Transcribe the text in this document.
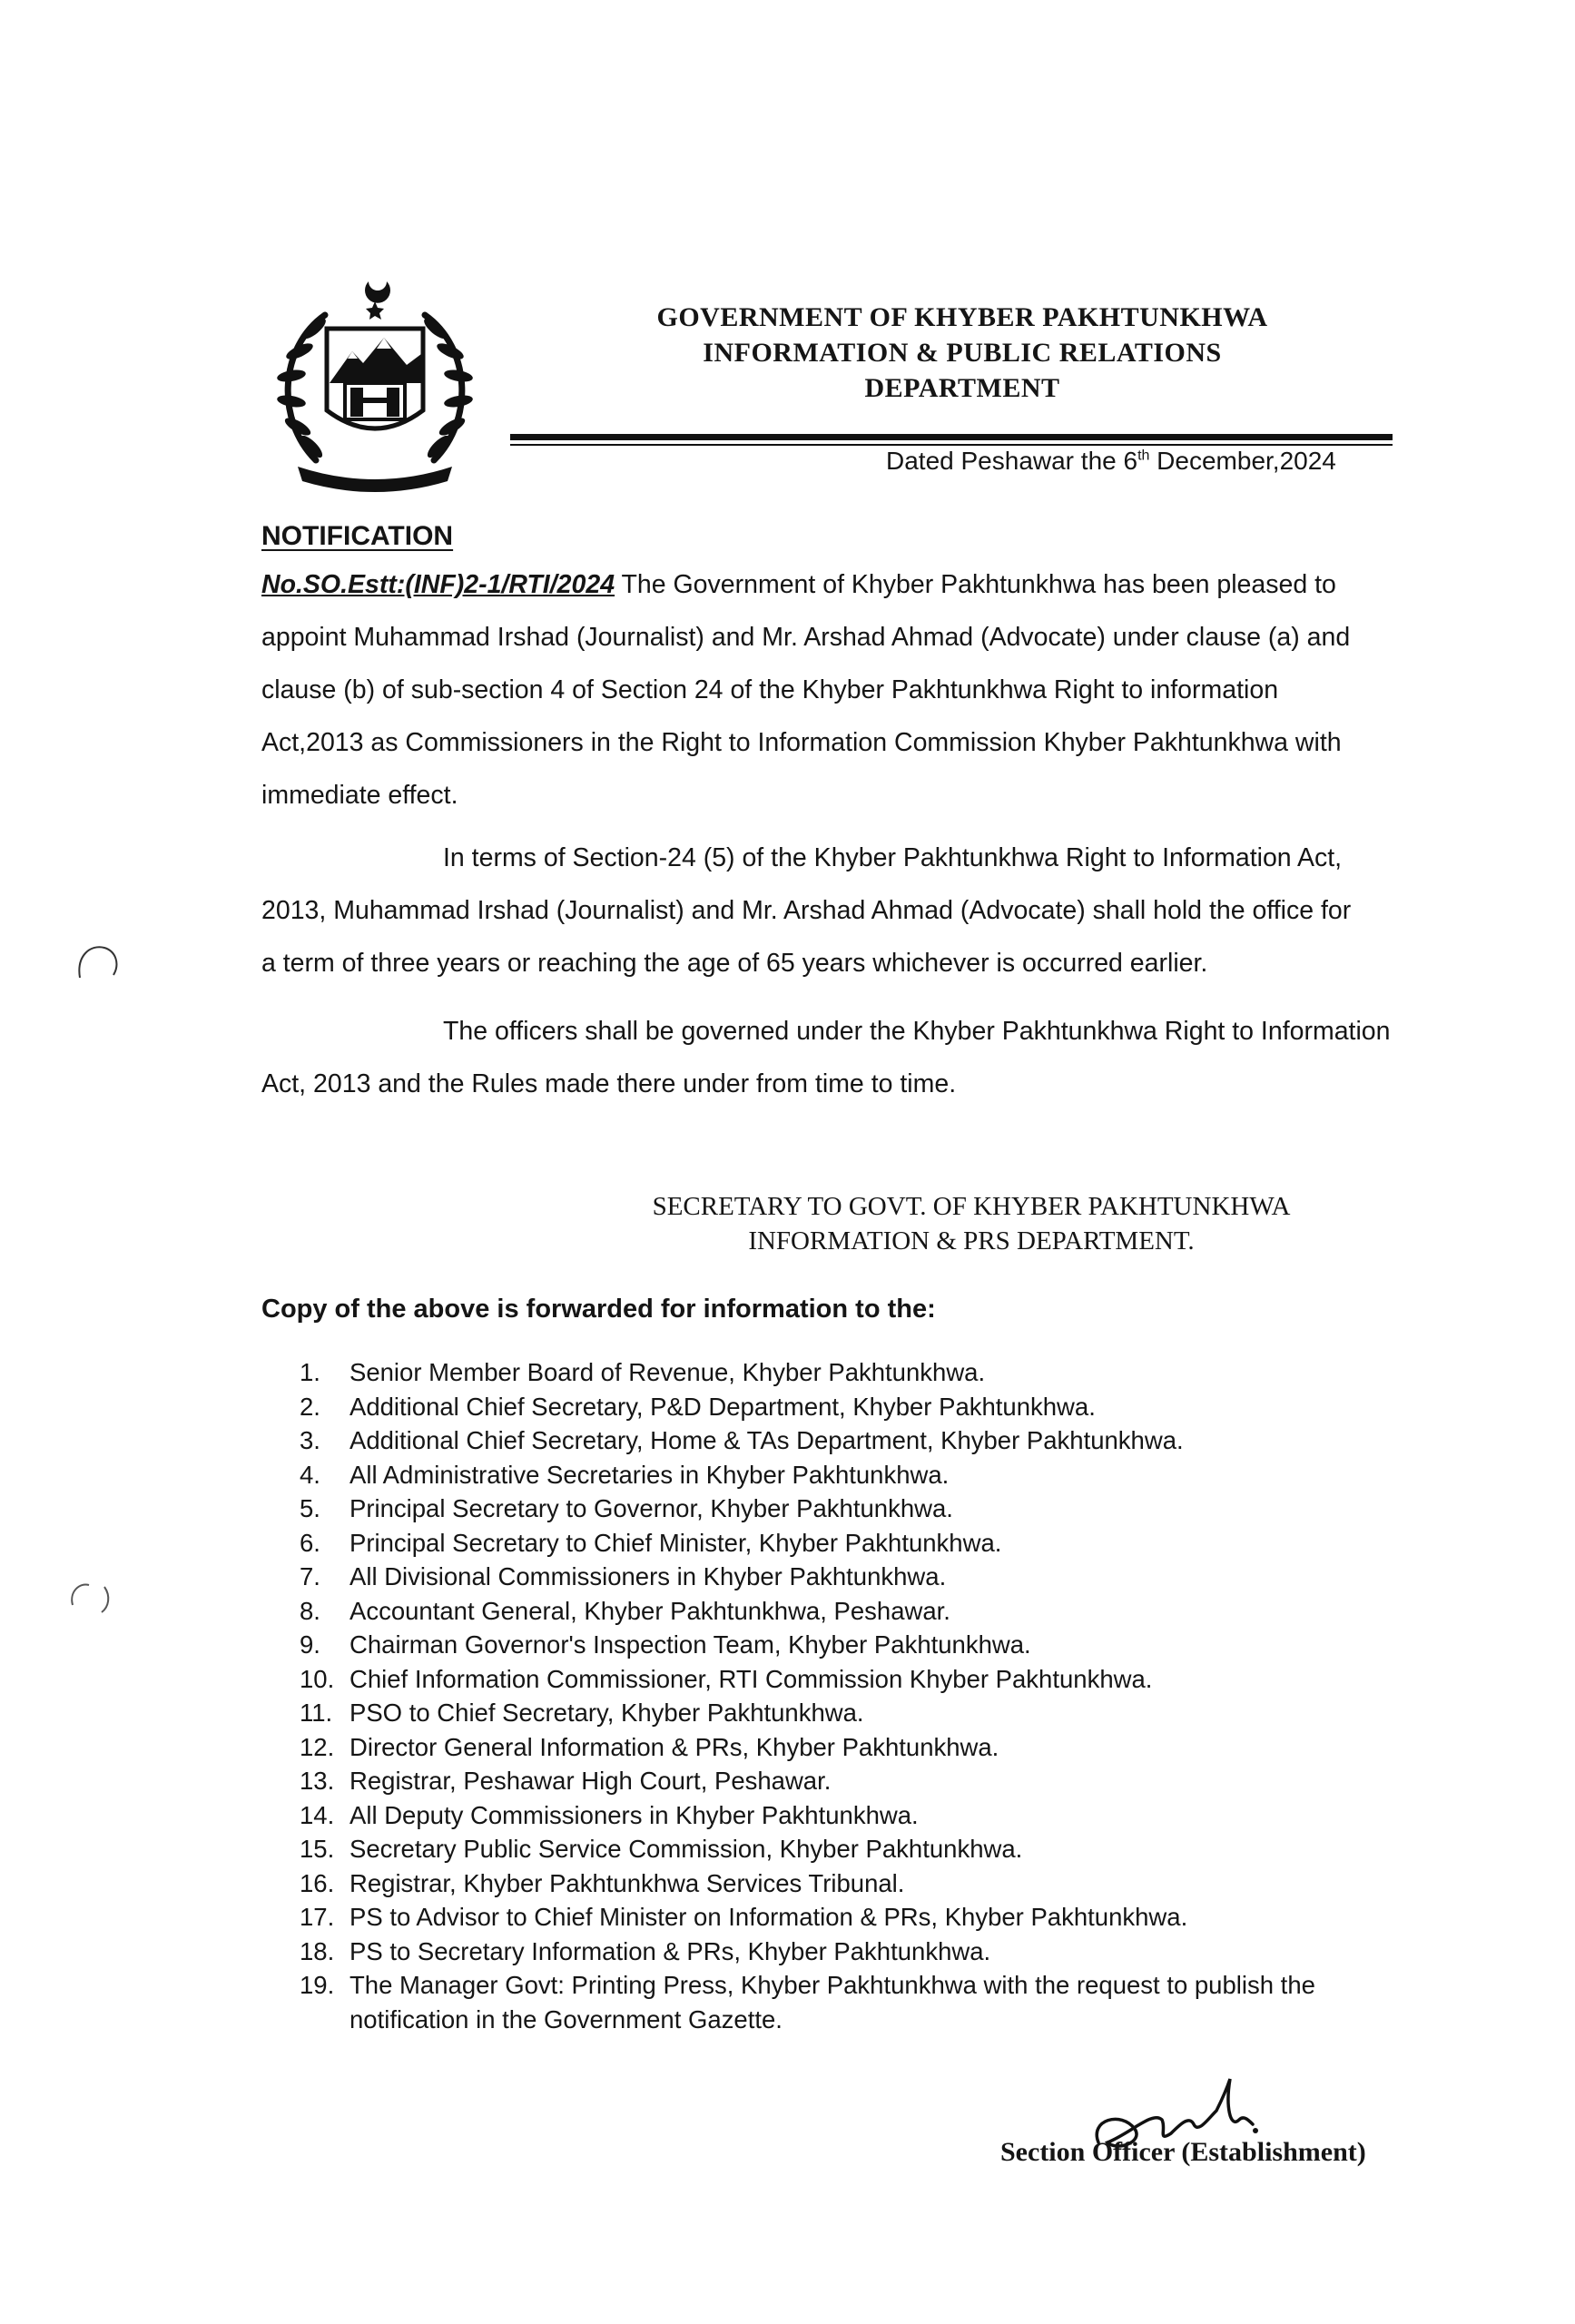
GOVERNMENT OF KHYBER PAKHTUNKHWA
INFORMATION & PUBLIC RELATIONS
DEPARTMENT
Dated Peshawar the 6th December,2024
NOTIFICATION
No.SO.Estt:(INF)2-1/RTI/2024 The Government of Khyber Pakhtunkhwa has been pleased to
appoint Muhammad Irshad (Journalist) and Mr. Arshad Ahmad (Advocate) under clause (a) and
clause (b) of sub-section 4 of Section 24 of the Khyber Pakhtunkhwa Right to information
Act,2013 as Commissioners in the Right to Information Commission Khyber Pakhtunkhwa with
immediate effect.
In terms of Section-24 (5) of the Khyber Pakhtunkhwa Right to Information Act,
2013, Muhammad Irshad (Journalist) and Mr. Arshad Ahmad (Advocate) shall hold the office for
a term of three years or reaching the age of 65 years whichever is occurred earlier.
The officers shall be governed under the Khyber Pakhtunkhwa Right to Information
Act, 2013 and the Rules made there under from time to time.
SECRETARY TO GOVT. OF KHYBER PAKHTUNKHWA
INFORMATION & PRS DEPARTMENT.
Copy of the above is forwarded for information to the:
1.	Senior Member Board of Revenue, Khyber Pakhtunkhwa.
2.	Additional Chief Secretary, P&D Department, Khyber Pakhtunkhwa.
3.	Additional Chief Secretary, Home & TAs Department, Khyber Pakhtunkhwa.
4.	All Administrative Secretaries in Khyber Pakhtunkhwa.
5.	Principal Secretary to Governor, Khyber Pakhtunkhwa.
6.	Principal Secretary to Chief Minister, Khyber Pakhtunkhwa.
7.	All Divisional Commissioners in Khyber Pakhtunkhwa.
8.	Accountant General, Khyber Pakhtunkhwa, Peshawar.
9.	Chairman Governor's Inspection Team, Khyber Pakhtunkhwa.
10. Chief Information Commissioner, RTI Commission Khyber Pakhtunkhwa.
11. PSO to Chief Secretary, Khyber Pakhtunkhwa.
12. Director General Information & PRs, Khyber Pakhtunkhwa.
13. Registrar, Peshawar High Court, Peshawar.
14. All Deputy Commissioners in Khyber Pakhtunkhwa.
15. Secretary Public Service Commission, Khyber Pakhtunkhwa.
16. Registrar, Khyber Pakhtunkhwa Services Tribunal.
17. PS to Advisor to Chief Minister on Information & PRs, Khyber Pakhtunkhwa.
18. PS to Secretary Information & PRs, Khyber Pakhtunkhwa.
19. The Manager Govt: Printing Press, Khyber Pakhtunkhwa with the request to publish the
notification in the Government Gazette.
Section Officer (Establishment)
